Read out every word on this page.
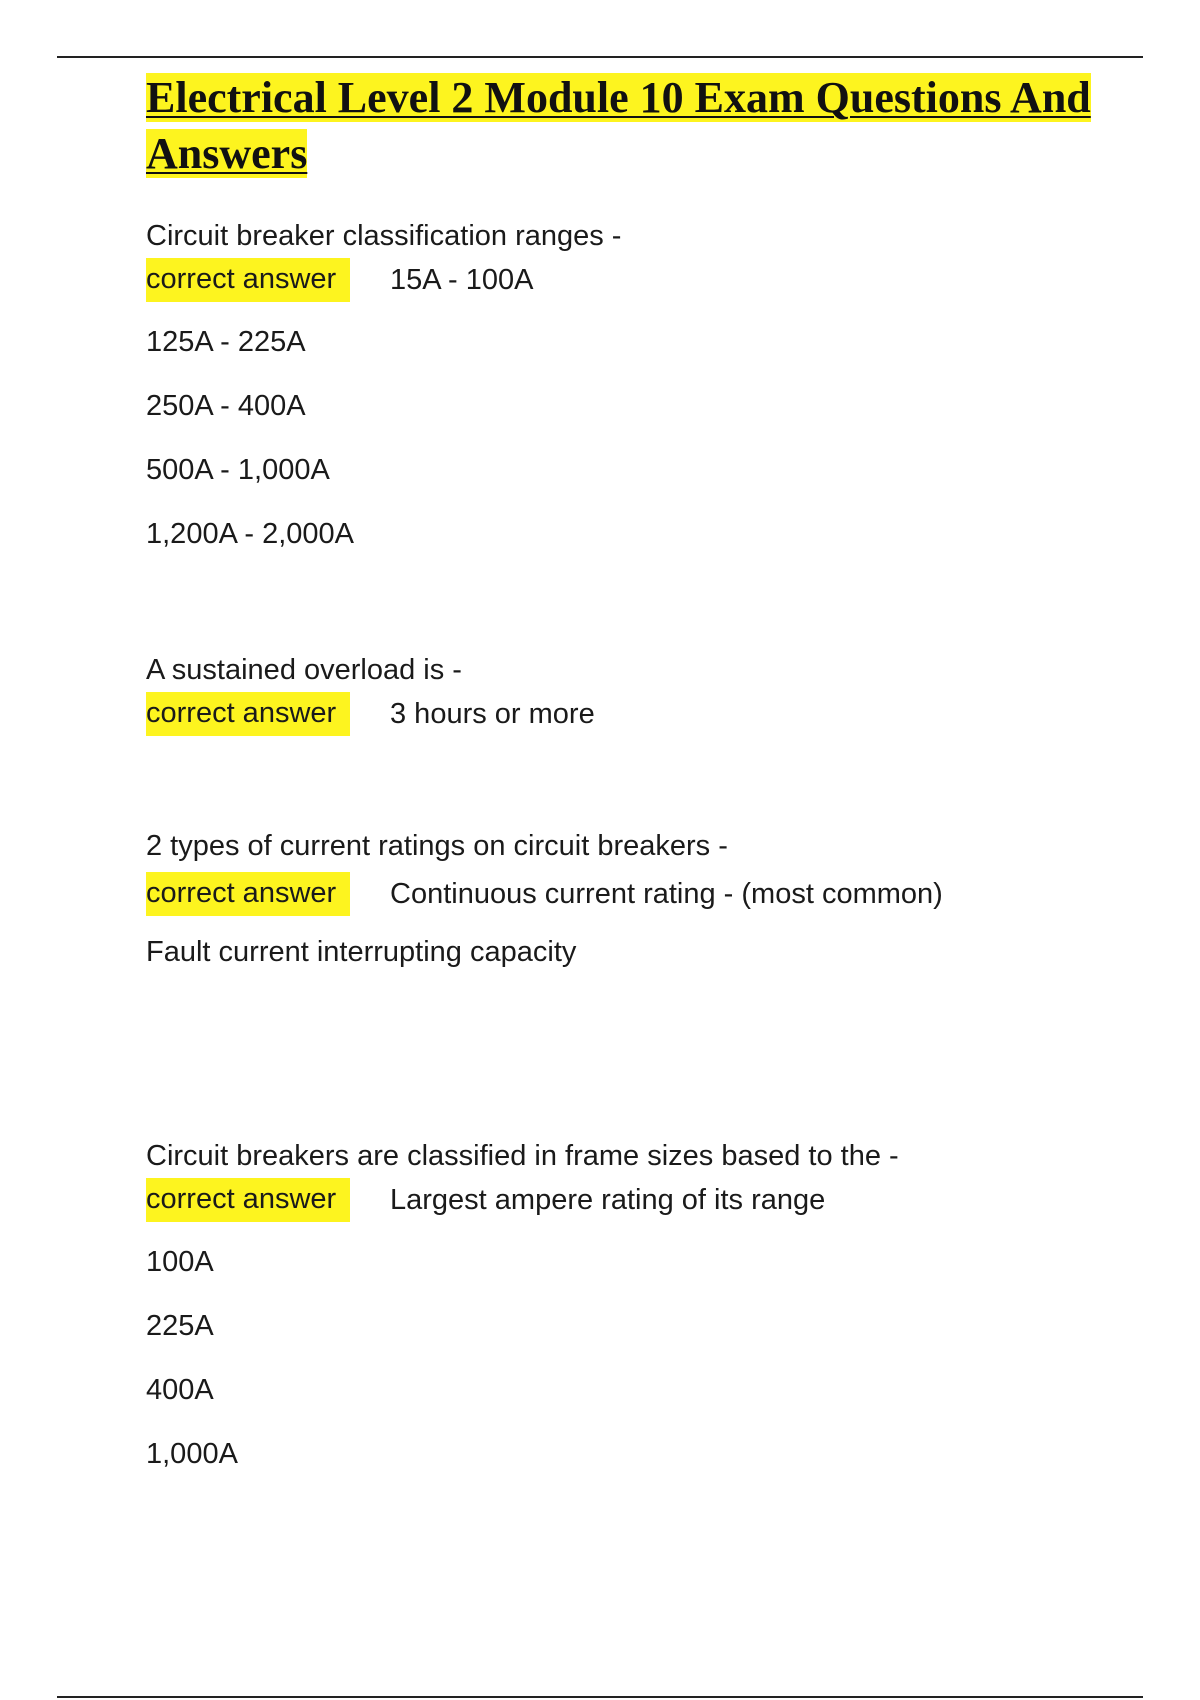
Electrical Level 2 Module 10 Exam Questions And Answers

Circuit breaker classification ranges -

correct answer	15A - 100A
125A - 225A
250A - 400A
500A - 1,000A
1,200A - 2,000A

A sustained overload is -

correct answer	3 hours or more

2 types of current ratings on circuit breakers -

correct answer	Continuous current rating - (most common)
Fault current interrupting capacity

Circuit breakers are classified in frame sizes based to the -

correct answer	Largest ampere rating of its range
100A
225A
400A
1,000A
